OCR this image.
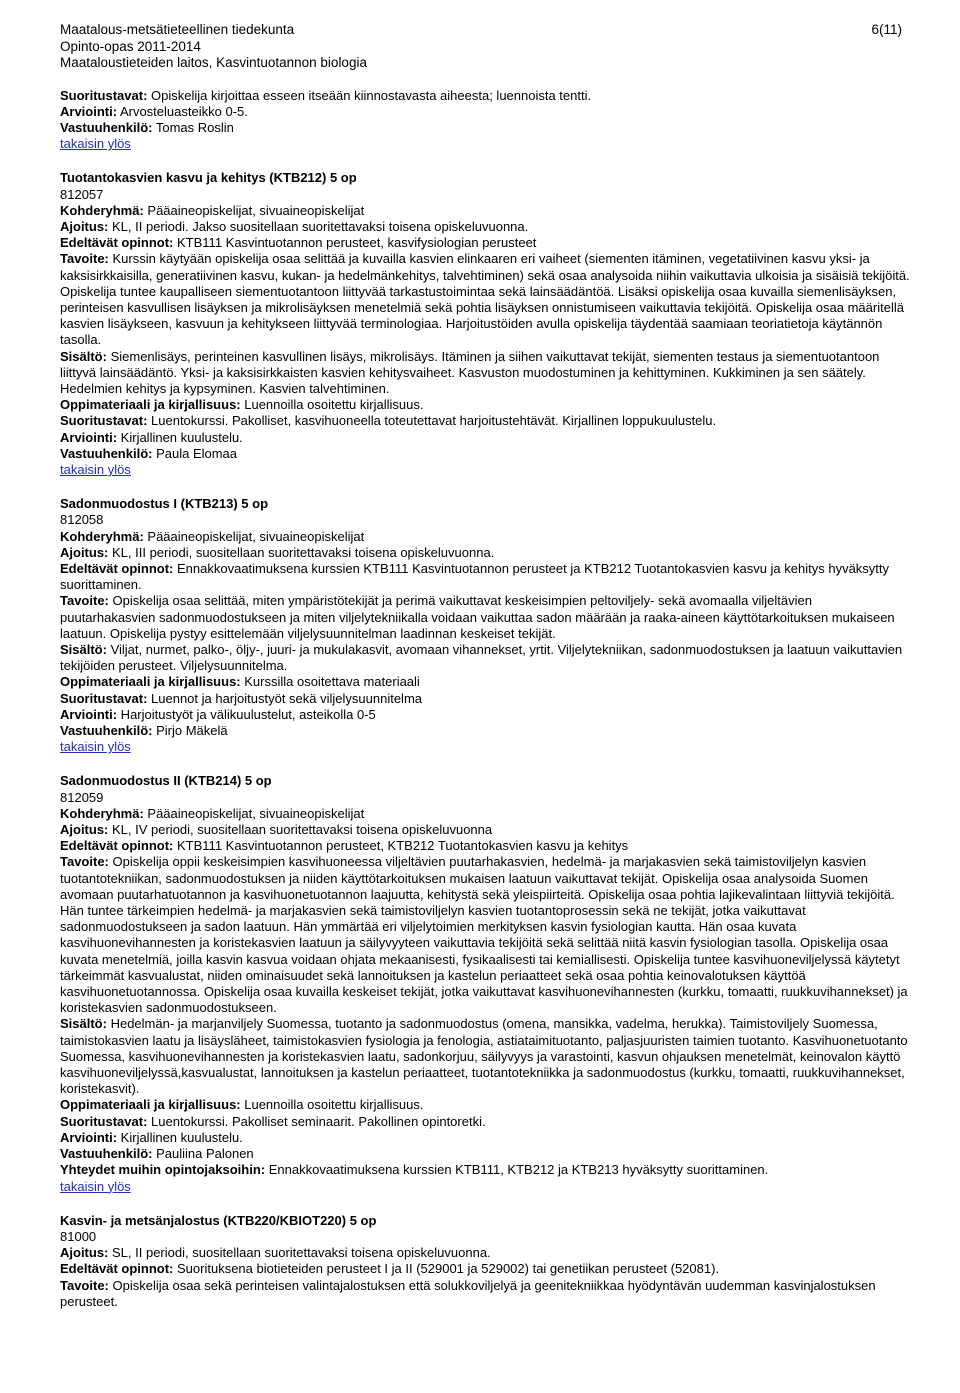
Maatalous-metsätieteellinen tiedekunta
Opinto-opas 2011-2014
Maataloustieteiden laitos, Kasvintuotannon biologia
6(11)

Suoritustavat: Opiskelija kirjoittaa esseen itseään kiinnostavasta aiheesta; luennoista tentti.

Arviointi: Arvosteluasteikko 0-5.

Vastuuhenkilö: Tomas Roslin

takaisin ylös
Tuotantokasvien kasvu ja kehitys (KTB212) 5 op
812057

Kohderyhmä: Pääaineopiskelijat, sivuaineopiskelijat

Ajoitus: KL, II periodi. Jakso suositellaan suoritettavaksi toisena opiskeluvuonna.

Edeltävät opinnot: KTB111 Kasvintuotannon perusteet, kasvifysiologian perusteet

Tavoite: Kurssin käytyään opiskelija osaa selittää ja kuvailla kasvien elinkaaren eri vaiheet (siementen itäminen, vegetatiivinen kasvu yksi- ja kaksisirkkaisilla, generatiivinen kasvu, kukan- ja hedelmänkehitys, talvehtiminen) sekä osaa analysoida niihin vaikuttavia ulkoisia ja sisäisiä tekijöitä. Opiskelija tuntee kaupalliseen siementuotantoon liittyvää tarkastustoimintaa sekä lainsäädäntöä. Lisäksi opiskelija osaa kuvailla siemenlisäyksen, perinteisen kasvullisen lisäyksen ja mikrolisäyksen menetelmiä sekä pohtia lisäyksen onnistumiseen vaikuttavia tekijöitä. Opiskelija osaa määritellä kasvien lisäykseen, kasvuun ja kehitykseen liittyvää terminologiaa. Harjoitustöiden avulla opiskelija täydentää saamiaan teoriatietoja käytännön tasolla.

Sisältö: Siemenlisäys, perinteinen kasvullinen lisäys, mikrolisäys. Itäminen ja siihen vaikuttavat tekijät, siementen testaus ja siementuotantoon liittyvä lainsäädäntö. Yksi- ja kaksisirkkaisten kasvien kehitysvaiheet. Kasvuston muodostuminen ja kehittyminen. Kukkiminen ja sen säätely. Hedelmien kehitys ja kypsyminen. Kasvien talvehtiminen.

Oppimateriaali ja kirjallisuus: Luennoilla osoitettu kirjallisuus.

Suoritustavat: Luentokurssi. Pakolliset, kasvihuoneella toteutettavat harjoitustehtävät. Kirjallinen loppukuulustelu.

Arviointi: Kirjallinen kuulustelu.

Vastuuhenkilö: Paula Elomaa

takaisin ylös
Sadonmuodostus I (KTB213) 5 op
812058

Kohderyhmä: Pääaineopiskelijat, sivuaineopiskelijat

Ajoitus: KL, III periodi, suositellaan suoritettavaksi toisena opiskeluvuonna.

Edeltävät opinnot: Ennakkovaatimuksena kurssien KTB111 Kasvintuotannon perusteet ja KTB212 Tuotantokasvien kasvu ja kehitys hyväksytty suorittaminen.

Tavoite: Opiskelija osaa selittää, miten ympäristötekijät ja perimä vaikuttavat keskeisimpien peltoviljely- sekä avomaalla viljeltävien puutarhakasvien sadonmuodostukseen ja miten viljelytekniikalla voidaan vaikuttaa sadon määrään ja raaka-aineen käyttötarkoituksen mukaiseen laatuun. Opiskelija pystyy esittelemään viljelysuunnitelman laadinnan keskeiset tekijät.

Sisältö: Viljat, nurmet, palko-, öljy-, juuri- ja mukulakasvit, avomaan vihannekset, yrtit. Viljelytekniikan, sadonmuodostuksen ja laatuun vaikuttavien tekijöiden perusteet. Viljelysuunnitelma.

Oppimateriaali ja kirjallisuus: Kurssilla osoitettava materiaali

Suoritustavat: Luennot ja harjoitustyöt sekä viljelysuunnitelma

Arviointi: Harjoitustyöt ja välikuulustelut, asteikolla 0-5

Vastuuhenkilö: Pirjo Mäkelä

takaisin ylös
Sadonmuodostus II (KTB214) 5 op
812059

Kohderyhmä: Pääaineopiskelijat, sivuaineopiskelijat

Ajoitus: KL, IV periodi, suositellaan suoritettavaksi toisena opiskeluvuonna

Edeltävät opinnot: KTB111 Kasvintuotannon perusteet, KTB212 Tuotantokasvien kasvu ja kehitys

Tavoite: Opiskelija oppii keskeisimpien kasvihuoneessa viljeltävien puutarhakasvien, hedelmä- ja marjakasvien sekä taimistoviljelyn kasvien tuotantotekniikan, sadonmuodostuksen ja niiden käyttötarkoituksen mukaisen laatuun vaikuttavat tekijät. Opiskelija osaa analysoida Suomen avomaan puutarhatuotannon ja kasvihuonetuotannon laajuutta, kehitystä sekä yleispiirteitä. Opiskelija osaa pohtia lajikevalintaan liittyviä tekijöitä. Hän tuntee tärkeimpien hedelmä- ja marjakasvien sekä taimistoviljelyn kasvien tuotantoprosessin sekä ne tekijät, jotka vaikuttavat sadonmuodostukseen ja sadon laatuun. Hän ymmärtää eri viljelytoimien merkityksen kasvin fysiologian kautta. Hän osaa kuvata kasvihuonevihannesten ja koristekasvien laatuun ja säilyvyyteen vaikuttavia tekijöitä sekä selittää niitä kasvin fysiologian tasolla. Opiskelija osaa kuvata menetelmiä, joilla kasvin kasvua voidaan ohjata mekaanisesti, fysikaalisesti tai kemiallisesti. Opiskelija tuntee kasvihuoneviljelyssä käytetyt tärkeimmät kasvualustat, niiden ominaisuudet sekä lannoituksen ja kastelun periaatteet sekä osaa pohtia keinovalotuksen käyttöä kasvihuonetuotannossa. Opiskelija osaa kuvailla keskeiset tekijät, jotka vaikuttavat kasvihuonevihannesten (kurkku, tomaatti, ruukkuvihannekset) ja koristekasvien sadonmuodostukseen.

Sisältö: Hedelmän- ja marjanviljely Suomessa, tuotanto ja sadonmuodostus (omena, mansikka, vadelma, herukka). Taimistoviljely Suomessa, taimistokasvien laatu ja lisäysläheet, taimistokasvien fysiologia ja fenologia, astiataimituotanto, paljasjuuristen taimien tuotanto. Kasvihuonetuotanto Suomessa, kasvihuonevihannesten ja koristekasvien laatu, sadonkorjuu, säilyvyys ja varastointi, kasvun ohjauksen menetelmät, keinovalon käyttö kasvihuoneviljelyssä,kasvualustat, lannoituksen ja kastelun periaatteet, tuotantotekniikka ja sadonmuodostus (kurkku, tomaatti, ruukkuvihannekset, koristekasvit).

Oppimateriaali ja kirjallisuus: Luennoilla osoitettu kirjallisuus.

Suoritustavat: Luentokurssi. Pakolliset seminaarit. Pakollinen opintoretki.

Arviointi: Kirjallinen kuulustelu.

Vastuuhenkilö: Pauliina Palonen

Yhteydet muihin opintojaksoihin: Ennakkovaatimuksena kurssien KTB111, KTB212 ja KTB213 hyväksytty suorittaminen.

takaisin ylös
Kasvin- ja metsänjalostus (KTB220/KBIOT220) 5 op
81000

Ajoitus: SL, II periodi, suositellaan suoritettavaksi toisena opiskeluvuonna.

Edeltävät opinnot: Suorituksena biotieteiden perusteet I ja II (529001 ja 529002) tai genetiikan perusteet (52081).

Tavoite: Opiskelija osaa sekä perinteisen valintajalostuksen että solukkoviljelyä ja geenitekniikkaa hyödyntävän uudemman kasvinjalostuksen perusteet.
